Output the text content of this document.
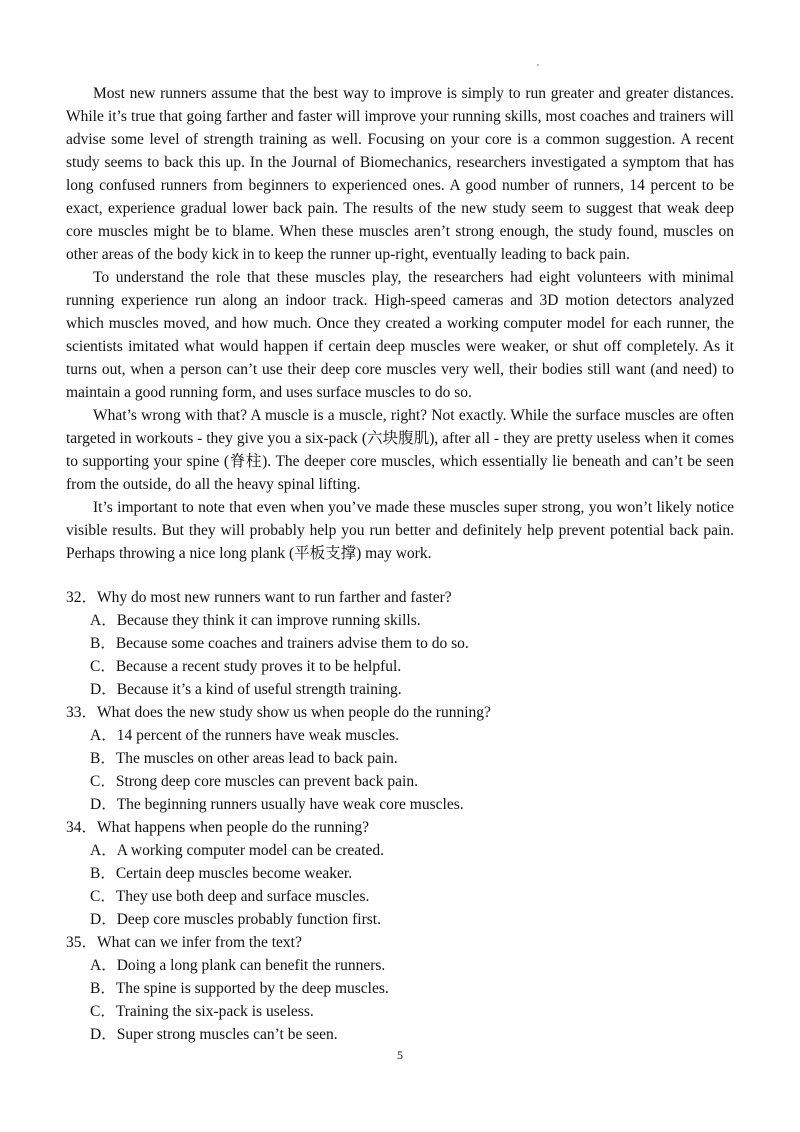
Most new runners assume that the best way to improve is simply to run greater and greater distances. While it’s true that going farther and faster will improve your running skills, most coaches and trainers will advise some level of strength training as well. Focusing on your core is a common suggestion. A recent study seems to back this up. In the Journal of Biomechanics, researchers investigated a symptom that has long confused runners from beginners to experienced ones. A good number of runners, 14 percent to be exact, experience gradual lower back pain. The results of the new study seem to suggest that weak deep core muscles might be to blame. When these muscles aren’t strong enough, the study found, muscles on other areas of the body kick in to keep the runner up-right, eventually leading to back pain.

To understand the role that these muscles play, the researchers had eight volunteers with minimal running experience run along an indoor track. High-speed cameras and 3D motion detectors analyzed which muscles moved, and how much. Once they created a working computer model for each runner, the scientists imitated what would happen if certain deep muscles were weaker, or shut off completely. As it turns out, when a person can’t use their deep core muscles very well, their bodies still want (and need) to maintain a good running form, and uses surface muscles to do so.

What’s wrong with that? A muscle is a muscle, right? Not exactly. While the surface muscles are often targeted in workouts - they give you a six-pack (六块腹肌), after all - they are pretty useless when it comes to supporting your spine (脊柱). The deeper core muscles, which essentially lie beneath and can’t be seen from the outside, do all the heavy spinal lifting.

It’s important to note that even when you’ve made these muscles super strong, you won’t likely notice visible results. But they will probably help you run better and definitely help prevent potential back pain. Perhaps throwing a nice long plank (平板支撑) may work.

32．Why do most new runners want to run farther and faster?
A．Because they think it can improve running skills.
B．Because some coaches and trainers advise them to do so.
C．Because a recent study proves it to be helpful.
D．Because it’s a kind of useful strength training.
33．What does the new study show us when people do the running?
A．14 percent of the runners have weak muscles.
B．The muscles on other areas lead to back pain.
C．Strong deep core muscles can prevent back pain.
D．The beginning runners usually have weak core muscles.
34．What happens when people do the running?
A．A working computer model can be created.
B．Certain deep muscles become weaker.
C．They use both deep and surface muscles.
D．Deep core muscles probably function first.
35．What can we infer from the text?
A．Doing a long plank can benefit the runners.
B．The spine is supported by the deep muscles.
C．Training the six-pack is useless.
D．Super strong muscles can’t be seen.
5
